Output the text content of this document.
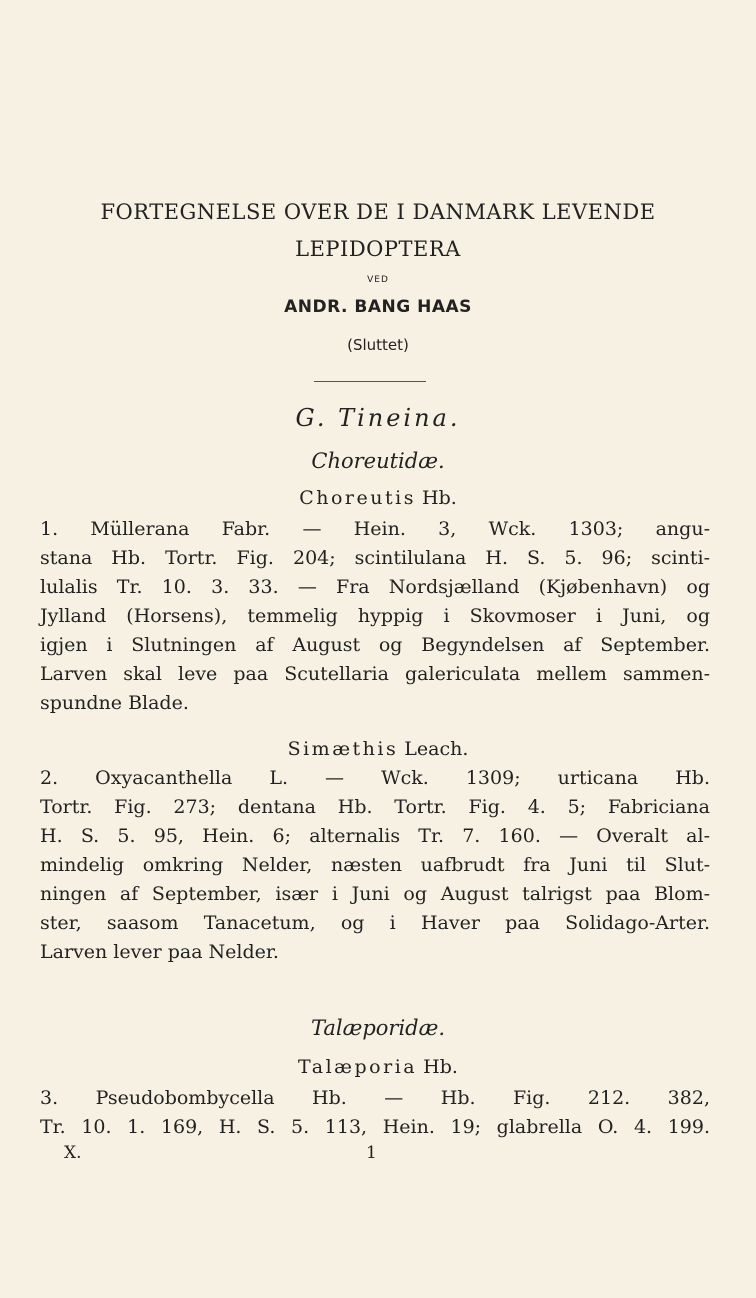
FORTEGNELSE OVER DE I DANMARK LEVENDE
LEPIDOPTERA
VED
ANDR. BANG HAAS
(Sluttet)
G. Tineina.
Choreutidæ.
Choreutis Hb.
1. Müllerana Fabr. — Hein. 3, Wck. 1303; angu-
stana Hb. Tortr. Fig. 204; scintilulana H. S. 5. 96; scinti-
lulalis Tr. 10. 3. 33. — Fra Nordsjælland (Kjøbenhavn) og
Jylland (Horsens), temmelig hyppig i Skovmoser i Juni, og
igjen i Slutningen af August og Begyndelsen af September.
Larven skal leve paa Scutellaria galericulata mellem sammen-
spundne Blade.
Simæthis Leach.
2. Oxyacanthella L. — Wck. 1309; urticana Hb.
Tortr. Fig. 273; dentana Hb. Tortr. Fig. 4. 5; Fabriciana
H. S. 5. 95, Hein. 6; alternalis Tr. 7. 160. — Overalt al-
mindelig omkring Nelder, næsten uafbrudt fra Juni til Slut-
ningen af September, især i Juni og August talrigst paa Blom-
ster, saasom Tanacetum, og i Haver paa Solidago-Arter.
Larven lever paa Nelder.
Talæporidæ.
Talæporia Hb.
3. Pseudobombycella Hb. — Hb. Fig. 212. 382,
Tr. 10. 1. 169, H. S. 5. 113, Hein. 19; glabrella O. 4. 199.
X.	1
